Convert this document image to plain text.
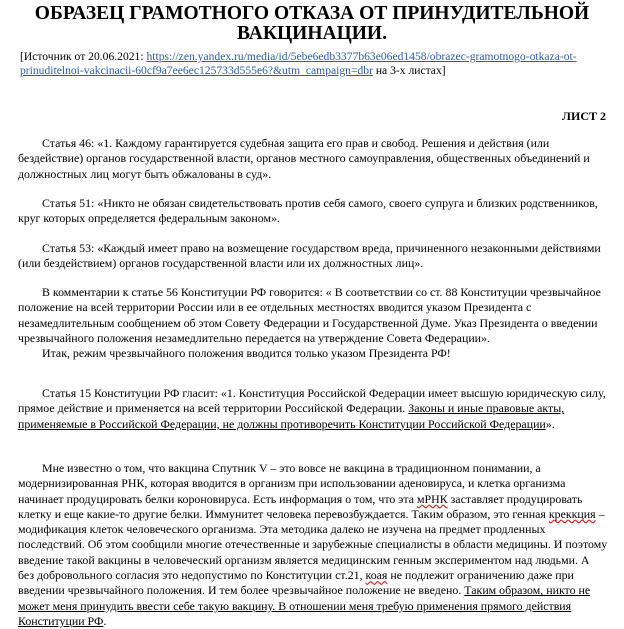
ОБРАЗЕЦ ГРАМОТНОГО ОТКАЗА ОТ ПРИНУДИТЕЛЬНОЙ ВАКЦИНАЦИИ.

[Источник от 20.06.2021: https://zen.yandex.ru/media/id/5ebe6edb3377b63e06ed1458/obrazec-gramotnogo-otkaza-ot-prinuditelnoi-vakcinacii-60cf9a7ee6ec125733d555e6?&utm_campaign=dbr на 3-х листах]

ЛИСТ 2

Статья 46: «1. Каждому гарантируется судебная защита его прав и свобод. Решения и действия (или бездействие) органов государственной власти, органов местного самоуправления, общественных объединений и должностных лиц могут быть обжалованы в суд».

Статья 51: «Никто не обязан свидетельствовать против себя самого, своего супруга и близких родственников, круг которых определяется федеральным законом».

Статья 53: «Каждый имеет право на возмещение государством вреда, причиненного незаконными действиями (или бездействием) органов государственной власти или их должностных лиц».

В комментарии к статье 56 Конституции РФ говорится: « В соответствии со ст. 88 Конституции чрезвычайное положение на всей территории России или в ее отдельных местностях вводится указом Президента с незамедлительным сообщением об этом Совету Федерации и Государственной Думе. Указ Президента о введении чрезвычайного положения незамедлительно передается на утверждение Совета Федерации».

Итак, режим чрезвычайного положения вводится только указом Президента РФ!

Статья 15 Конституции РФ гласит: «1. Конституция Российской Федерации имеет высшую юридическую силу, прямое действие и применяется на всей территории Российской Федерации. Законы и иные правовые акты, применяемые в Российской Федерации, не должны противоречить Конституции Российской Федерации».

Мне известно о том, что вакцина Спутник V – это вовсе не вакцина в традиционном понимании, а модернизированная РНК, которая вводится в организм при использовании аденовируса, и клетка организма начинает продуцировать белки короновируса. Есть информация о том, что эта мРНК заставляет продуцировать клетку и еще какие-то другие белки. Иммунитет человека перевозбуждается. Таким образом, это генная креккция – модификация клеток человеческого организма. Эта методика далеко не изучена на предмет продленных последствий. Об этом сообщили многие отечественные и зарубежные специалисты в области медицины. И поэтому введение такой вакцины в человеческий организм является медицинским генным экспериментом над людьми. А без добровольного согласия это недопустимо по Конституции ст.21, коая не подлежит ограничению даже при введении чрезвычайного положения. И тем более чрезвычайное положение не введено. Таким образом, никто не может меня принудить ввести себе такую вакцину. В отношении меня требую применения прямого действия Конституции РФ.
